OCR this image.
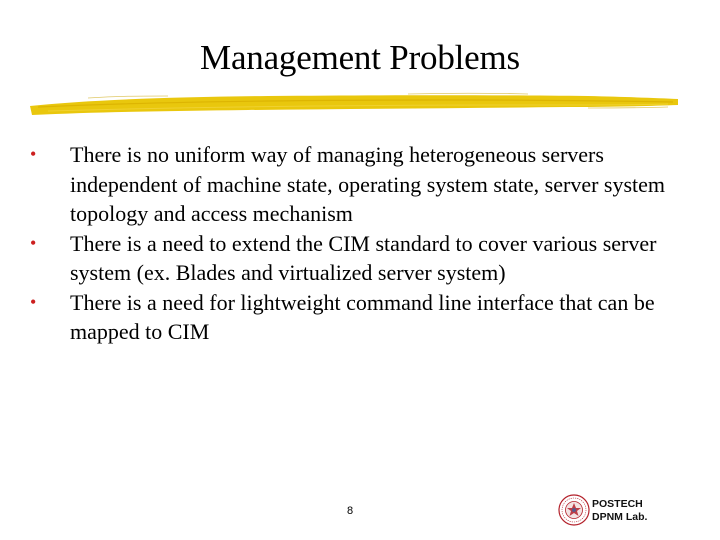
Management Problems
• There is no uniform way of managing heterogeneous servers independent of machine state, operating system state, server system topology and access mechanism
• There is a need to extend the CIM standard to cover various server system (ex. Blades and virtualized server system)
• There is a need for lightweight command line interface that can be mapped to CIM
8
POSTECH
DPNM Lab.
